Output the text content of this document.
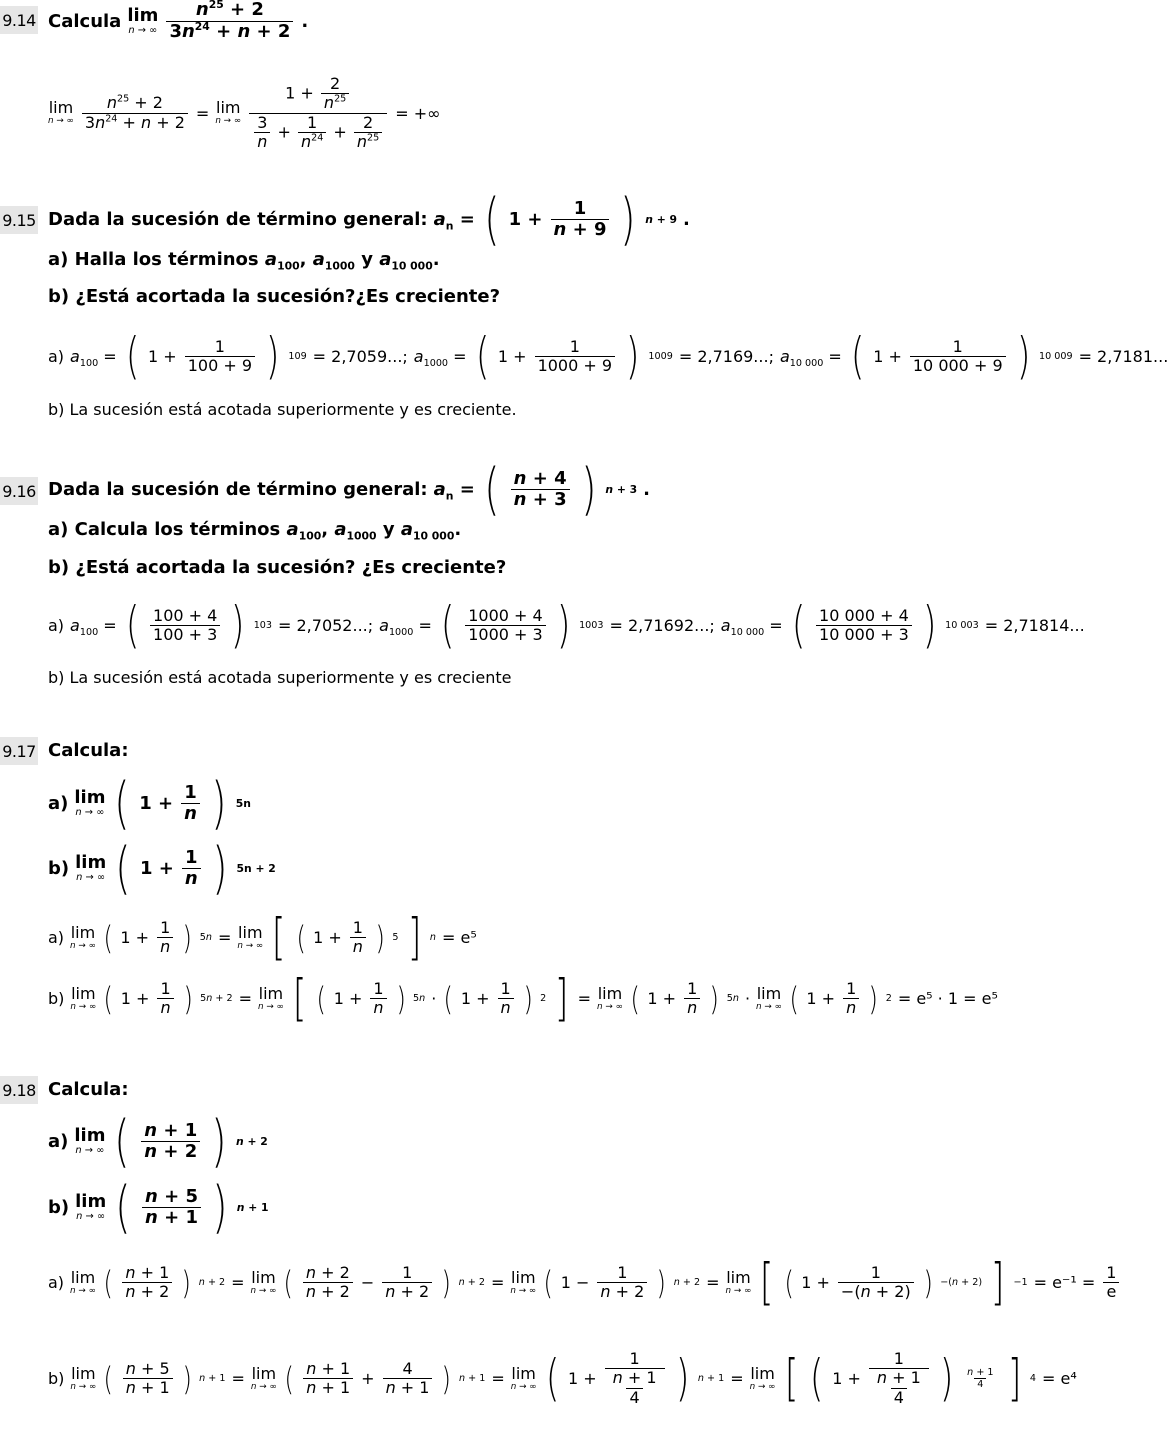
9.14 Calcula lim
n → ∞ $\frac{n^{25} + 2}{3n^{24} + n + 2}$ .
lim
n → ∞ $\frac{n^{25} + 2}{3n^{24} + n + 2} = \lim$
n → ∞ $\frac{1 + \frac{2}{n^{25}}}{\frac{3}{n} + \frac{1}{n^{24}} + \frac{2}{n^{25}}}$ = +∞
9.15 Dada la sucesión de término general: $a_n$ = ( $1 + \frac{1}{n + 9}$ ) n + 9 .
a) Halla los términos $a_{100}$, $a_{1000}$ y $a_{10 000}$.
b) ¿Está acortada la sucesión?¿Es creciente?
a) $a_{100}$ = ( $1 + \frac{1}{100 + 9}$ ) 109 = 2,7059...; $a_{1000}$ = ( $1 + \frac{1}{1000 + 9}$ ) 1009 = 2,7169...; $a_{10 000}$ = ( $1 + \frac{1}{10 000 + 9}$ ) 10 009 = 2,7181...
b) La sucesión está acotada superiormente y es creciente.
9.16 Dada la sucesión de término general: $a_n$ = ( $\frac{n + 4}{n + 3}$ ) n + 3 .
a) Calcula los términos $a_{100}$, $a_{1000}$ y $a_{10 000}$.
b) ¿Está acortada la sucesión? ¿Es creciente?
a) $a_{100}$ = ( $\frac{100 + 4}{100 + 3}$ ) 103 = 2,7052...; $a_{1000}$ = ( $\frac{1000 + 4}{1000 + 3}$ ) 1003 = 2,71692...; $a_{10 000}$ = ( $\frac{10 000 + 4}{10 000 + 3}$ ) 10 003 = 2,71814...
b) La sucesión está acotada superiormente y es creciente
9.17 Calcula:
a) lim
n → ∞ ( $1 + \frac{1}{n}$ ) 5n
b) lim
n → ∞ ( $1 + \frac{1}{n}$ ) 5n + 2
a) lim
n → ∞ ( $1 + \frac{1}{n}$ ) 5n = lim
n → ∞ [ ( $1 + \frac{1}{n}$ ) 5 ] n = e⁵
b) lim
n → ∞ ( $1 + \frac{1}{n}$ ) 5n + 2 = lim
n → ∞ [ ( $1 + \frac{1}{n}$ ) 5n · ( $1 + \frac{1}{n}$ ) 2 ] = lim
n → ∞ ( $1 + \frac{1}{n}$ ) 5n · lim
n → ∞ ( $1 + \frac{1}{n}$ ) 2 = e⁵ · 1 = e⁵
9.18 Calcula:
a) lim
n → ∞ ( $\frac{n + 1}{n + 2}$ ) n + 2
b) lim
n → ∞ ( $\frac{n + 5}{n + 1}$ ) n + 1
a) lim
n → ∞ ( $\frac{n + 1}{n + 2}$ ) n + 2 = lim
n → ∞ ( $\frac{n + 2}{n + 2} - \frac{1}{n + 2}$ ) n + 2 = lim
n → ∞ ( $1 - \frac{1}{n + 2}$ ) n + 2 = lim
n → ∞ [ ( $1 + \frac{1}{-(n + 2)}$ ) −(n + 2) ] $-1 = e^{-1} = \frac{1}{e}$
b) lim
n → ∞ ( $\frac{n + 5}{n + 1}$ ) n + 1 = lim
n → ∞ ( $\frac{n + 1}{n + 1} + \frac{4}{n + 1}$ ) n + 1 = lim
n → ∞ ( $1 + \frac{1}{\frac{n + 1}{4}}$ ) n + 1 = lim
n → ∞ [ ( $1 + \frac{1}{\frac{n + 1}{4}}$ ) $\frac{n + 1}{4}$ ] 4 = e⁴
